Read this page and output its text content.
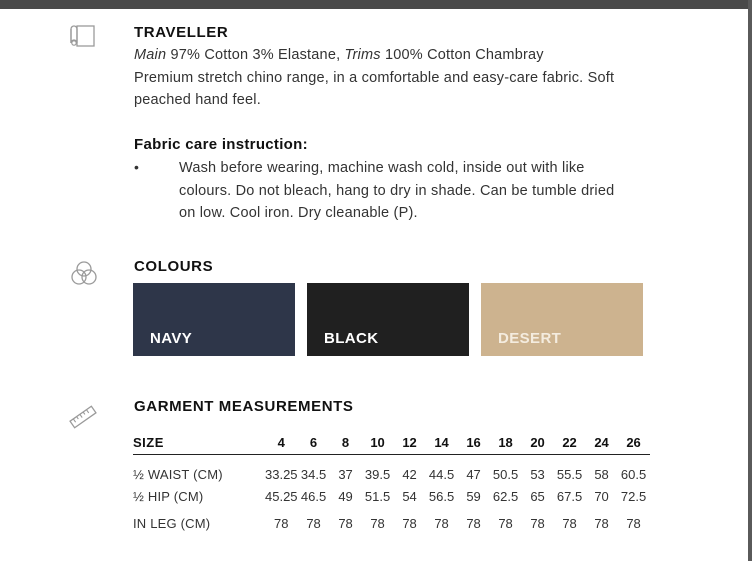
TRAVELLER
Main 97% Cotton 3% Elastane, Trims 100% Cotton Chambray
Premium stretch chino range, in a comfortable and easy-care fabric. Soft
peached hand feel.
Fabric care instruction:
•	Wash before wearing, machine wash cold, inside out with like
colours. Do not bleach, hang to dry in shade. Can be tumble dried
on low. Cool iron. Dry cleanable (P).
COLOURS
NAVY	BLACK	DESERT
GARMENT MEASUREMENTS
SIZE	4	6	8	10	12	14	16	18	20	22	24	26

½ WAIST (CM)	33.25	34.5	37	39.5	42	44.5	47	50.5	53	55.5	58	60.5
½ HIP (CM)	45.25	46.5	49	51.5	54	56.5	59	62.5	65	67.5	70	72.5

IN LEG (CM)	78	78	78	78	78	78	78	78	78	78	78	78
